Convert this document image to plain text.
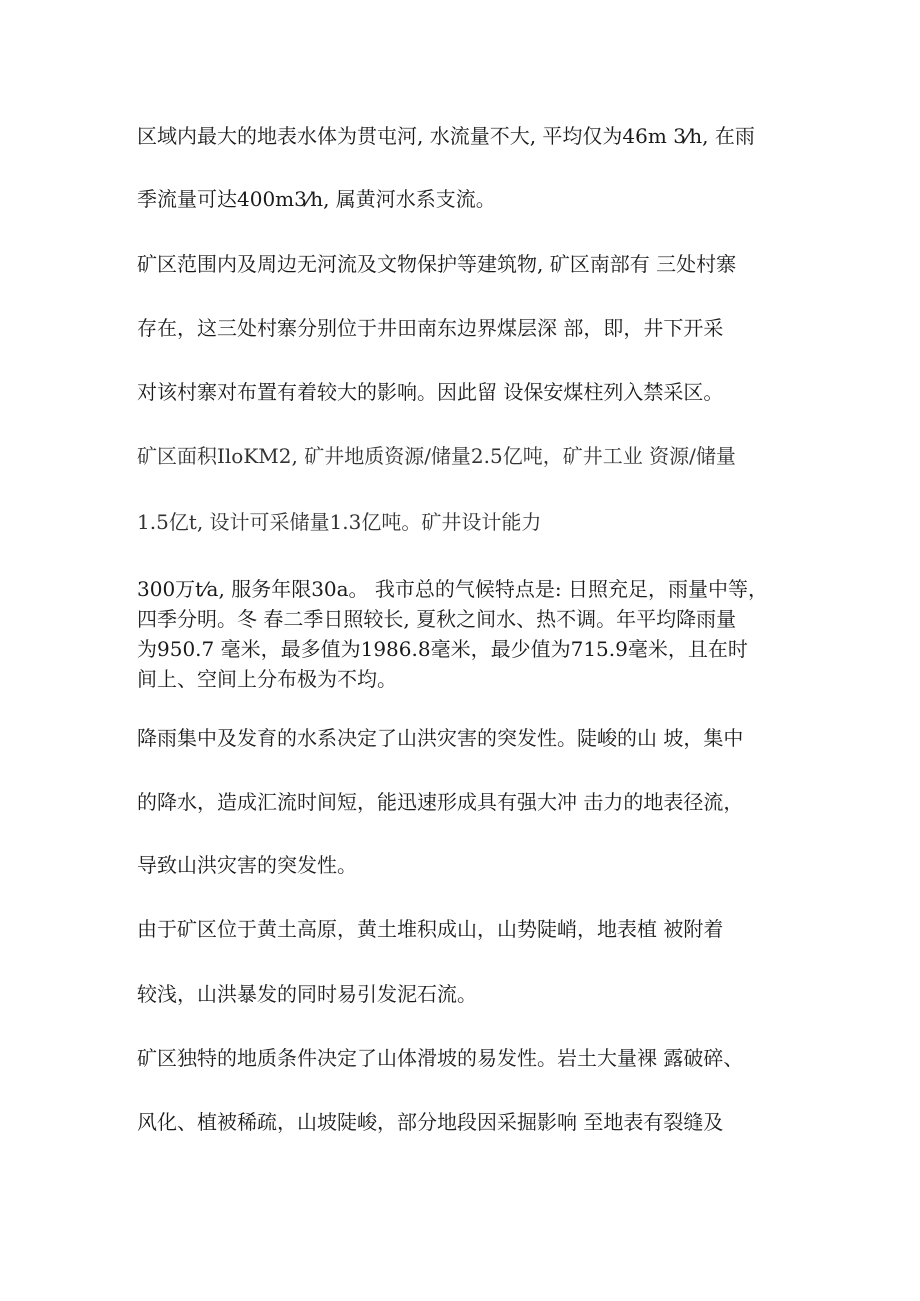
区域内最大的地表水体为贯屯河, 水流量不大, 平均仅为46m 3⁄h, 在雨
季流量可达400m3⁄h, 属黄河水系支流。
矿区范围内及周边无河流及文物保护等建筑物, 矿区南部有 三处村寨
存在，这三处村寨分别位于井田南东边界煤层深 部，即，井下开采
对该村寨对布置有着较大的影响。因此留 设保安煤柱列入禁采区。
矿区面积IloKM2, 矿井地质资源/储量2.5亿吨，矿井工业 资源/储量
1.5亿t, 设计可采储量1.3亿吨。矿井设计能力
300万t⁄a, 服务年限30a。 我市总的气候特点是: 日照充足，雨量中等，
四季分明。冬 春二季日照较长, 夏秋之间水、热不调。年平均降雨量
为950.7 毫米，最多值为1986.8毫米，最少值为715.9毫米，且在时
间上、空间上分布极为不均。
降雨集中及发育的水系决定了山洪灾害的突发性。陡峻的山 坡，集中
的降水，造成汇流时间短，能迅速形成具有强大冲 击力的地表径流，
导致山洪灾害的突发性。
由于矿区位于黄土高原，黄土堆积成山，山势陡峭，地表植 被附着
较浅，山洪暴发的同时易引发泥石流。
矿区独特的地质条件决定了山体滑坡的易发性。岩土大量裸 露破碎、
风化、植被稀疏，山坡陡峻，部分地段因采掘影响 至地表有裂缝及
